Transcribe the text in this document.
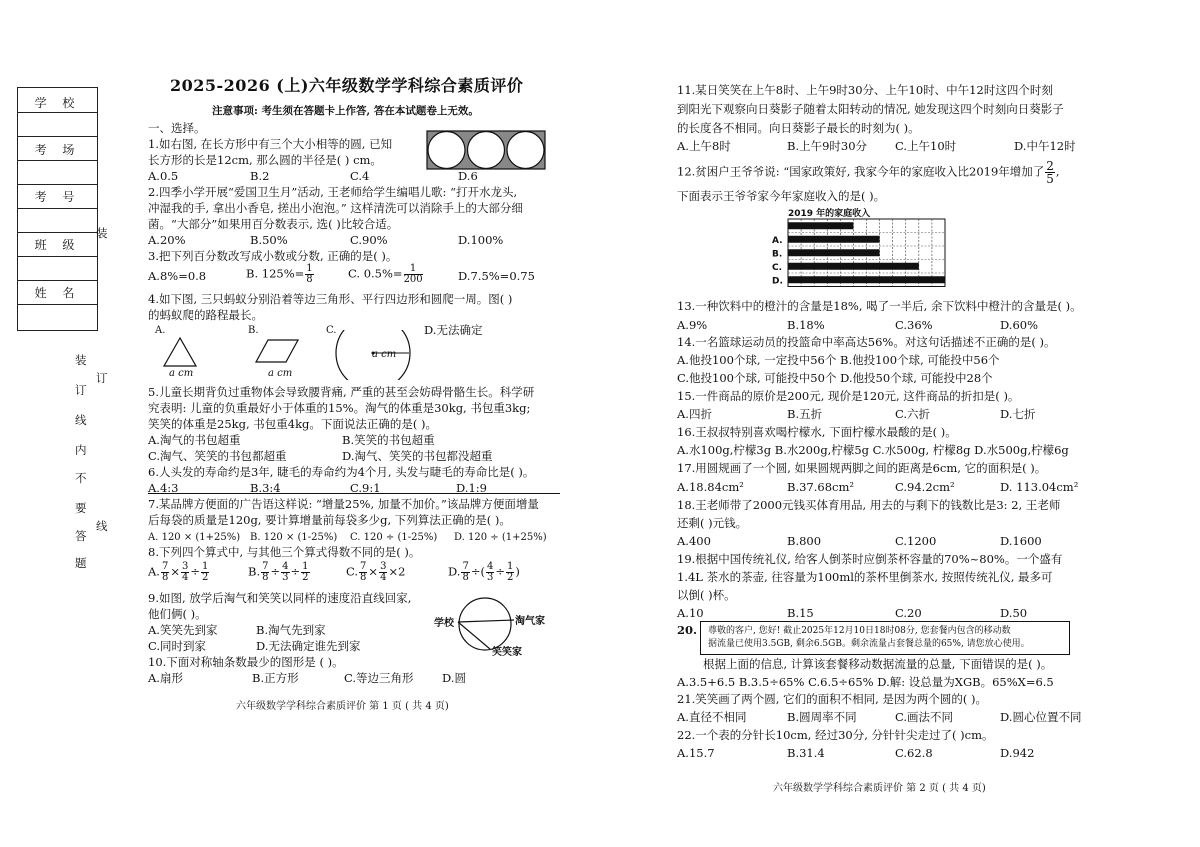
学 校
考 场
考 号
班 级
姓 名
装
订
线
内
不
要
答
题
装
订
线
2025-2026 (上)六年级数学学科综合素质评价
注意事项: 考生须在答题卡上作答, 答在本试题卷上无效。
一、选择。
1.如右图, 在长方形中有三个大小相等的圆, 已知
长方形的长是12cm, 那么圆的半径是( ) cm。
A.0.5	B.2	C.4	D.6
2.四季小学开展“爱国卫生月”活动, 王老师给学生编唱儿歌: “打开水龙头,
冲湿我的手, 拿出小香皂, 搓出小泡泡。” 这样清洗可以消除手上的大部分细
菌。“大部分”如果用百分数表示, 选( )比较合适。
A.20%	B.50%	C.90%	D.100%
3.把下列百分数改写成小数或分数, 正确的是( )。
A.8%=0.8	B. $125\%= \frac{1}{8}$	C. $0.5\%= \frac{1}{200}$	D.7.5%=0.75
4.如下图, 三只蚂蚁分别沿着等边三角形、平行四边形和圆爬一周。图( )
的蚂蚁爬的路程最长。
A.	B.	C.	D.无法确定
a cm	a cm
a cm
5.儿童长期背负过重物体会导致腰背痛, 严重的甚至会妨碍骨骼生长。科学研
究表明: 儿童的负重最好小于体重的15%。淘气的体重是30kg, 书包重3kg;
笑笑的体重是25kg, 书包重4kg。下面说法正确的是( )。
A.淘气的书包超重	B.笑笑的书包超重
C.淘气、笑笑的书包都超重	D.淘气、笑笑的书包都没超重
6.人头发的寿命约是3年, 睫毛的寿命约为4个月, 头发与睫毛的寿命比是( )。
A.4:3	B.3:4	C.9:1	D.1:9
7.某品牌方便面的广告语这样说: “增量25%, 加量不加价。”该品牌方便面增量
后每袋的质量是120g, 要计算增量前每袋多少g, 下列算法正确的是( )。
A. 120 × (1+25%) B. 120 × (1-25%) C. 120 ÷ (1-25%) D. 120 ÷ (1+25%)
8.下列四个算式中, 与其他三个算式得数不同的是( )。
A. $\frac{7}{8} \times \frac{3}{4} \div \frac{1}{2}$	B. $\frac{7}{8} \div \frac{4}{3} \div \frac{1}{2}$	C. $\frac{7}{8} \times \frac{3}{4} \times 2$	D. $\frac{7}{8}$ ÷( $\frac{4}{3} \div \frac{1}{2}$ )
9.如图, 放学后淘气和笑笑以同样的速度沿直线回家,
他们俩( )。
学校	淘气家
笑笑家
A.笑笑先到家	B.淘气先到家
C.同时到家	D.无法确定谁先到家
10.下面对称轴条数最少的图形是 ( )。
A.扇形	B.正方形	C.等边三角形 D.圆
六年级数学学科综合素质评价 第 1 页 ( 共 4 页)
11.某日笑笑在上午8时、上午9时30分、上午10时、中午12时这四个时刻
到阳光下观察向日葵影子随着太阳转动的情况, 她发现这四个时刻向日葵影子
的长度各不相同。向日葵影子最长的时刻为( )。
A.上午8时	B.上午9时30分 C.上午10时	D.中午12时
12.贫困户王爷爷说: “国家政策好, 我家今年的家庭收入比2019年增加了 $\frac{2}{5}$ ,
下面表示王爷爷家今年家庭收入的是( )。
2019 年的家庭收入
A.
B.
C.
D.
13.一种饮料中的橙汁的含量是18%, 喝了一半后, 余下饮料中橙汁的含量是( )。
A.9%	B.18%	C.36%	D.60%
14.一名篮球运动员的投篮命中率高达56%。对这句话描述不正确的是( )。
A.他投100个球, 一定投中56个 B.他投100个球, 可能投中56个
C.他投100个球, 可能投中50个 D.他投50个球, 可能投中28个
15.一件商品的原价是200元, 现价是120元, 这件商品的折扣是( )。
A.四折	B.五折	C.六折	D.七折
16.王叔叔特别喜欢喝柠檬水, 下面柠檬水最酸的是( )。
A.水100g,柠檬3g B.水200g,柠檬5g C.水500g, 柠檬8g D.水500g,柠檬6g
17.用圆规画了一个圆, 如果圆规两脚之间的距离是6cm, 它的面积是( )。
A.18.84cm²	B.37.68cm²	C.94.2cm²	D. 113.04cm²
18.王老师带了2000元钱买体育用品, 用去的与剩下的钱数比是3: 2, 王老师
还剩( )元钱。
A.400	B.800	C.1200	D.1600
19.根据中国传统礼仪, 给客人倒茶时应倒茶杯容量的70%~80%。一个盛有
1.4L 茶水的茶壶, 往容量为100ml的茶杯里倒茶水, 按照传统礼仪, 最多可
以倒( )杯。
A.10	B.15	C.20	D.50
20. 尊敬的客户, 您好! 截止2025年12月10日18时08分, 您套餐内包含的移动数
据流量已使用3.5GB, 剩余6.5GB。剩余流量占套餐总量的65%, 请您放心使用。
根据上面的信息, 计算该套餐移动数据流量的总量, 下面错误的是( )。
A.3.5+6.5 B.3.5÷65% C.6.5÷65% D.解: 设总量为XGB。65%X=6.5
21.笑笑画了两个圆, 它们的面积不相同, 是因为两个圆的( )。
A.直径不相同	B.圆周率不同	C.画法不同	D.圆心位置不同
22.一个表的分针长10cm, 经过30分, 分针针尖走过了( )cm。
A.15.7	B.31.4	C.62.8	D.942
六年级数学学科综合素质评价 第 2 页 ( 共 4 页)
